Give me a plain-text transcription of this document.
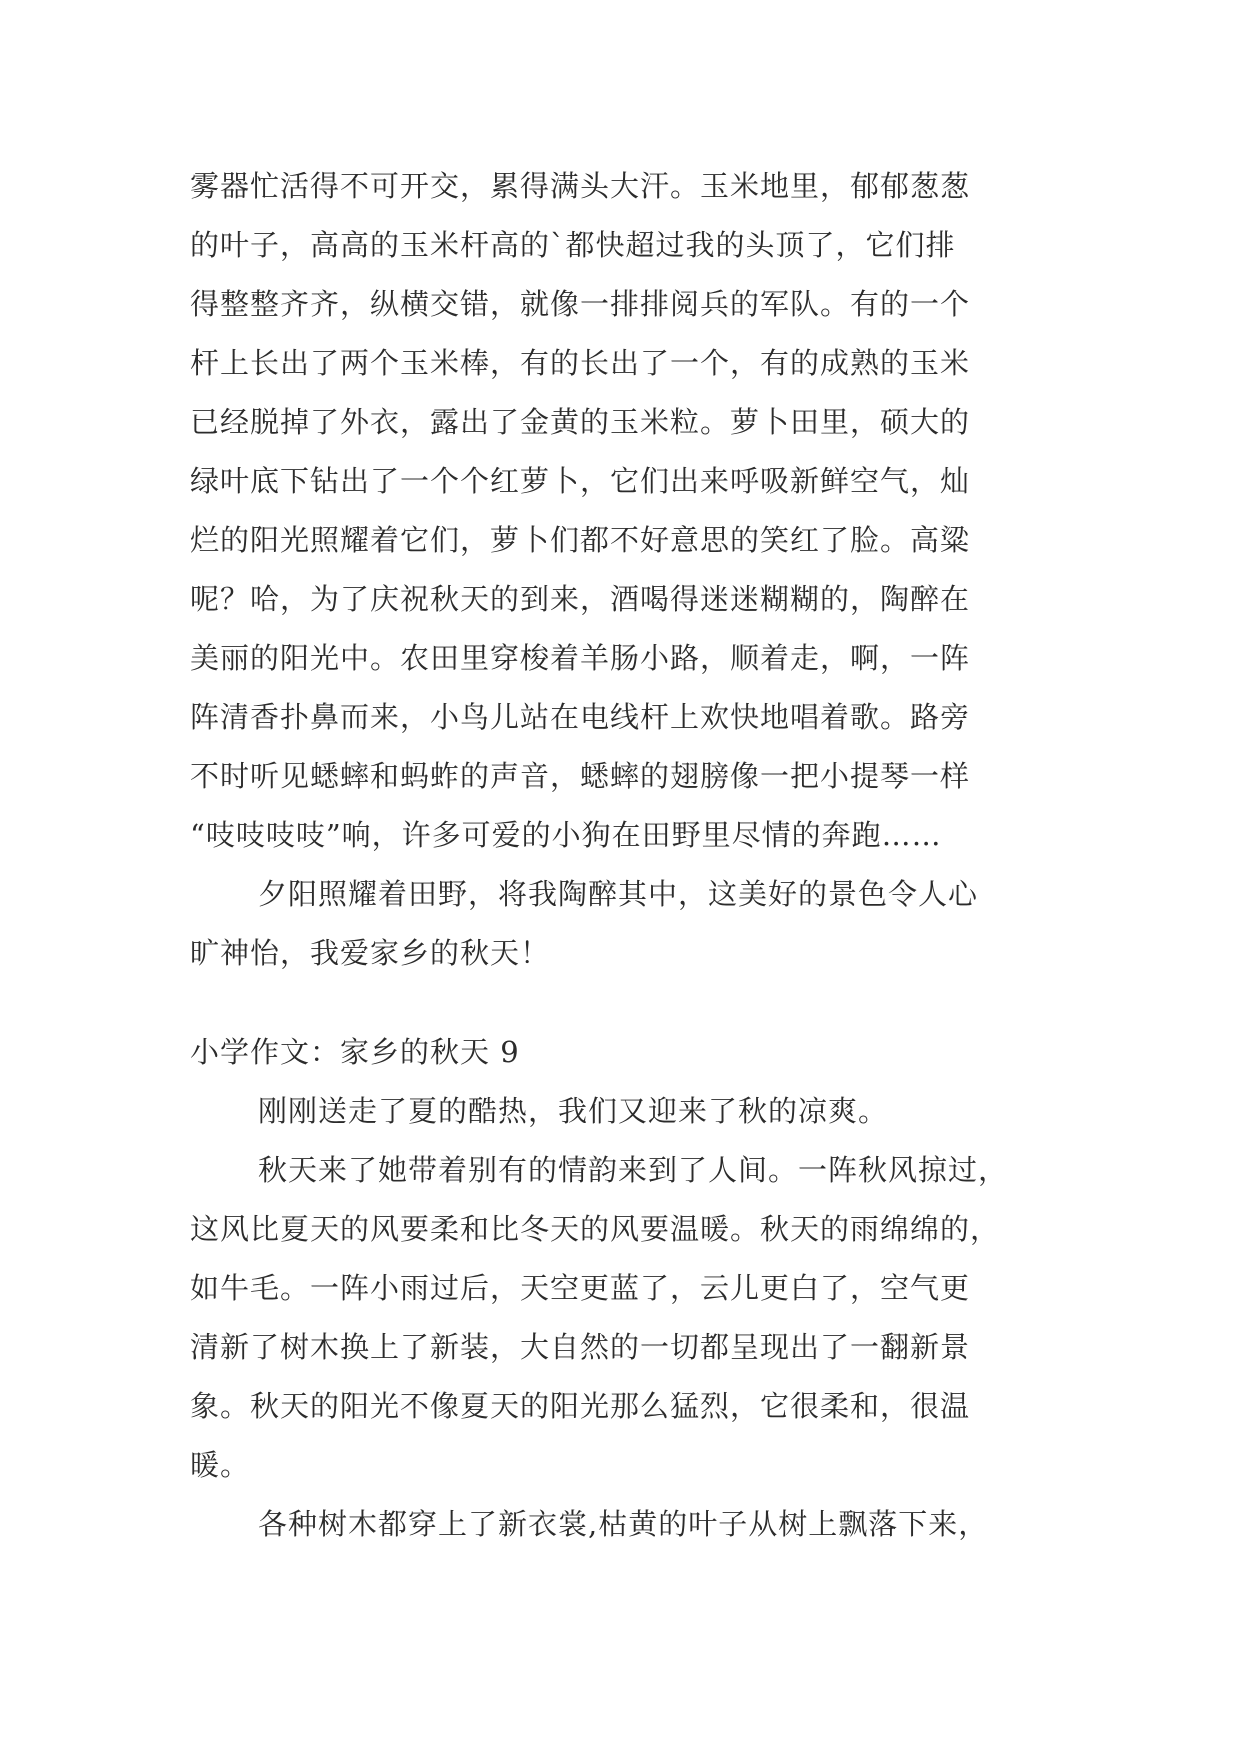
雾器忙活得不可开交，累得满头大汗。玉米地里，郁郁葱葱
的叶子，高高的玉米杆高的`都快超过我的头顶了，它们排
得整整齐齐，纵横交错，就像一排排阅兵的军队。有的一个
杆上长出了两个玉米棒，有的长出了一个，有的成熟的玉米
已经脱掉了外衣，露出了金黄的玉米粒。萝卜田里，硕大的
绿叶底下钻出了一个个红萝卜，它们出来呼吸新鲜空气，灿
烂的阳光照耀着它们，萝卜们都不好意思的笑红了脸。高粱
呢？哈，为了庆祝秋天的到来，酒喝得迷迷糊糊的，陶醉在
美丽的阳光中。农田里穿梭着羊肠小路，顺着走，啊，一阵
阵清香扑鼻而来，小鸟儿站在电线杆上欢快地唱着歌。路旁
不时听见蟋蟀和蚂蚱的声音，蟋蟀的翅膀像一把小提琴一样
“吱吱吱吱”响，许多可爱的小狗在田野里尽情的奔跑……
夕阳照耀着田野，将我陶醉其中，这美好的景色令人心
旷神怡，我爱家乡的秋天！
小学作文：家乡的秋天 9
刚刚送走了夏的酷热，我们又迎来了秋的凉爽。
秋天来了她带着别有的情韵来到了人间。一阵秋风掠过，
这风比夏天的风要柔和比冬天的风要温暖。秋天的雨绵绵的，
如牛毛。一阵小雨过后，天空更蓝了，云儿更白了，空气更
清新了树木换上了新装，大自然的一切都呈现出了一翻新景
象。秋天的阳光不像夏天的阳光那么猛烈，它很柔和，很温
暖。
各种树木都穿上了新衣裳,枯黄的叶子从树上飘落下来，
